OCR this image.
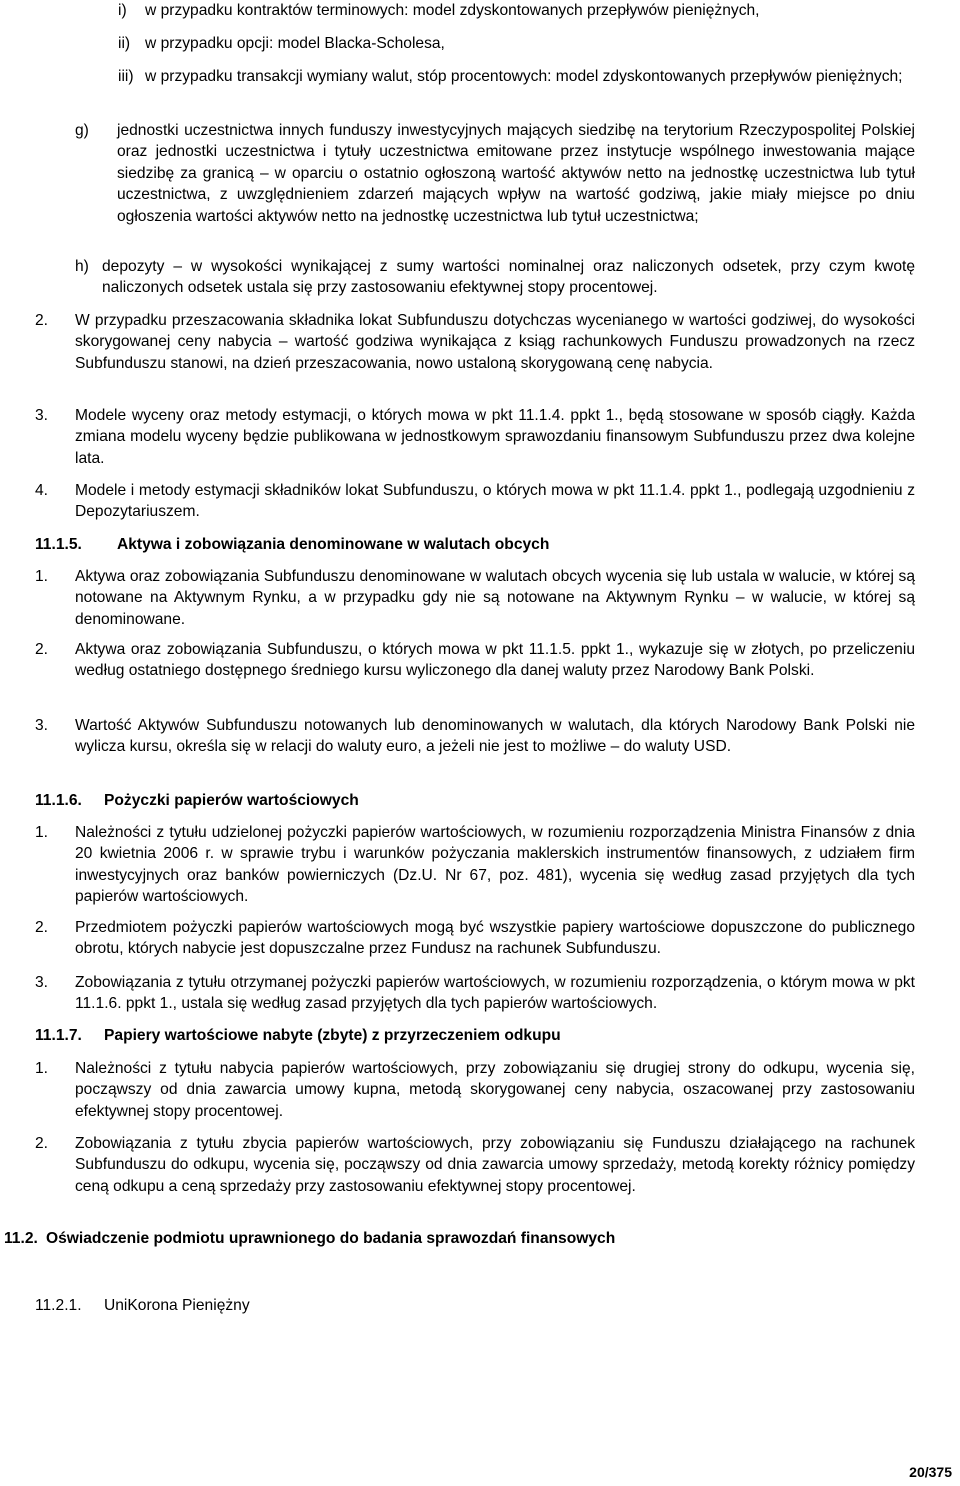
i) w przypadku kontraktów terminowych: model zdyskontowanych przepływów pieniężnych,
ii) w przypadku opcji: model Blacka-Scholesa,
iii) w przypadku transakcji wymiany walut, stóp procentowych: model zdyskontowanych przepływów pieniężnych;
g) jednostki uczestnictwa innych funduszy inwestycyjnych mających siedzibę na terytorium Rzeczypospolitej Polskiej oraz jednostki uczestnictwa i tytuły uczestnictwa emitowane przez instytucje wspólnego inwestowania mające siedzibę za granicą – w oparciu o ostatnio ogłoszoną wartość aktywów netto na jednostkę uczestnictwa lub tytuł uczestnictwa, z uwzględnieniem zdarzeń mających wpływ na wartość godziwą, jakie miały miejsce po dniu ogłoszenia wartości aktywów netto na jednostkę uczestnictwa lub tytuł uczestnictwa;
h) depozyty – w wysokości wynikającej z sumy wartości nominalnej oraz naliczonych odsetek, przy czym kwotę naliczonych odsetek ustala się przy zastosowaniu efektywnej stopy procentowej.
2. W przypadku przeszacowania składnika lokat Subfunduszu dotychczas wycenianego w wartości godziwej, do wysokości skorygowanej ceny nabycia – wartość godziwa wynikająca z ksiąg rachunkowych Funduszu prowadzonych na rzecz Subfunduszu stanowi, na dzień przeszacowania, nowo ustaloną skorygowaną cenę nabycia.
3. Modele wyceny oraz metody estymacji, o których mowa w pkt 11.1.4. ppkt 1., będą stosowane w sposób ciągły. Każda zmiana modelu wyceny będzie publikowana w jednostkowym sprawozdaniu finansowym Subfunduszu przez dwa kolejne lata.
4. Modele i metody estymacji składników lokat Subfunduszu, o których mowa w pkt 11.1.4. ppkt 1., podlegają uzgodnieniu z Depozytariuszem.
11.1.5. Aktywa i zobowiązania denominowane w walutach obcych
1. Aktywa oraz zobowiązania Subfunduszu denominowane w walutach obcych wycenia się lub ustala w walucie, w której są notowane na Aktywnym Rynku, a w przypadku gdy nie są notowane na Aktywnym Rynku – w walucie, w której są denominowane.
2. Aktywa oraz zobowiązania Subfunduszu, o których mowa w pkt 11.1.5. ppkt 1., wykazuje się w złotych, po przeliczeniu według ostatniego dostępnego średniego kursu wyliczonego dla danej waluty przez Narodowy Bank Polski.
3. Wartość Aktywów Subfunduszu notowanych lub denominowanych w walutach, dla których Narodowy Bank Polski nie wylicza kursu, określa się w relacji do waluty euro, a jeżeli nie jest to możliwe – do waluty USD.
11.1.6. Pożyczki papierów wartościowych
1. Należności z tytułu udzielonej pożyczki papierów wartościowych, w rozumieniu rozporządzenia Ministra Finansów z dnia 20 kwietnia 2006 r. w sprawie trybu i warunków pożyczania maklerskich instrumentów finansowych, z udziałem firm inwestycyjnych oraz banków powierniczych (Dz.U. Nr 67, poz. 481), wycenia się według zasad przyjętych dla tych papierów wartościowych.
2. Przedmiotem pożyczki papierów wartościowych mogą być wszystkie papiery wartościowe dopuszczone do publicznego obrotu, których nabycie jest dopuszczalne przez Fundusz na rachunek Subfunduszu.
3. Zobowiązania z tytułu otrzymanej pożyczki papierów wartościowych, w rozumieniu rozporządzenia, o którym mowa w pkt 11.1.6. ppkt 1., ustala się według zasad przyjętych dla tych papierów wartościowych.
11.1.7. Papiery wartościowe nabyte (zbyte) z przyrzeczeniem odkupu
1. Należności z tytułu nabycia papierów wartościowych, przy zobowiązaniu się drugiej strony do odkupu, wycenia się, począwszy od dnia zawarcia umowy kupna, metodą skorygowanej ceny nabycia, oszacowanej przy zastosowaniu efektywnej stopy procentowej.
2. Zobowiązania z tytułu zbycia papierów wartościowych, przy zobowiązaniu się Funduszu działającego na rachunek Subfunduszu do odkupu, wycenia się, począwszy od dnia zawarcia umowy sprzedaży, metodą korekty różnicy pomiędzy ceną odkupu a ceną sprzedaży przy zastosowaniu efektywnej stopy procentowej.
11.2. Oświadczenie podmiotu uprawnionego do badania sprawozdań finansowych
11.2.1. UniKorona Pieniężny
20/375
